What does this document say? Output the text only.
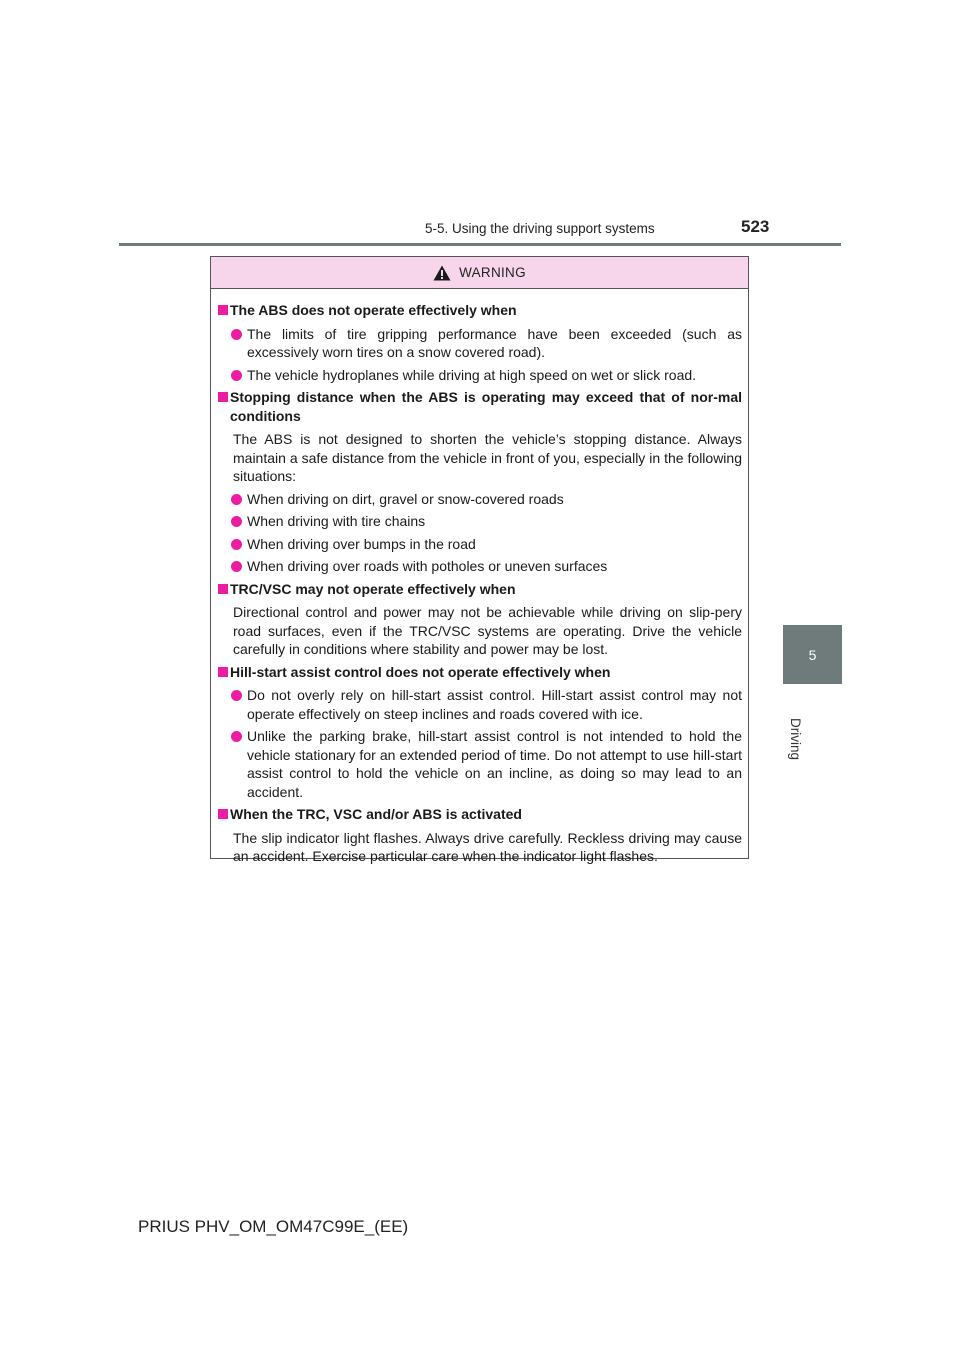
5-5. Using the driving support systems	523
5
Driving
WARNING
The ABS does not operate effectively when
The limits of tire gripping performance have been exceeded (such as excessively worn tires on a snow covered road).
The vehicle hydroplanes while driving at high speed on wet or slick road.
Stopping distance when the ABS is operating may exceed that of nor-mal conditions
The ABS is not designed to shorten the vehicle’s stopping distance. Always maintain a safe distance from the vehicle in front of you, especially in the following situations:
When driving on dirt, gravel or snow-covered roads
When driving with tire chains
When driving over bumps in the road
When driving over roads with potholes or uneven surfaces
TRC/VSC may not operate effectively when
Directional control and power may not be achievable while driving on slip-pery road surfaces, even if the TRC/VSC systems are operating. Drive the vehicle carefully in conditions where stability and power may be lost.
Hill-start assist control does not operate effectively when
Do not overly rely on hill-start assist control. Hill-start assist control may not operate effectively on steep inclines and roads covered with ice.
Unlike the parking brake, hill-start assist control is not intended to hold the vehicle stationary for an extended period of time. Do not attempt to use hill-start assist control to hold the vehicle on an incline, as doing so may lead to an accident.
When the TRC, VSC and/or ABS is activated
The slip indicator light flashes. Always drive carefully. Reckless driving may cause an accident. Exercise particular care when the indicator light flashes.
PRIUS PHV_OM_OM47C99E_(EE)
